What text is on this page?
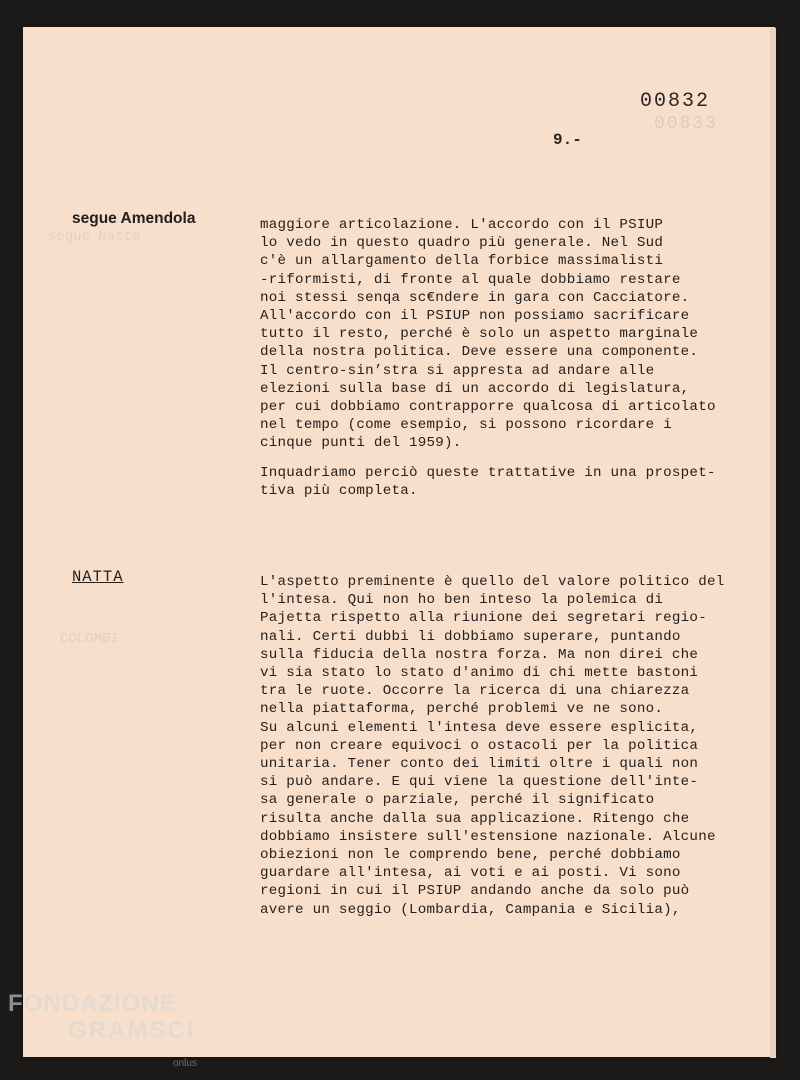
00833
segue Natta
COLOMBI
00832
9.-
segue Amendola	maggiore articolazione. L'accordo con il PSIUP
lo vedo in questo quadro più generale. Nel Sud
c'è un allargamento della forbice massimalisti
-riformisti, di fronte al quale dobbiamo restare
noi stessi senqa sc€ndere in gara con Cacciatore.
All'accordo con il PSIUP non possiamo sacrificare
tutto il resto, perché è solo un aspetto marginale
della nostra politica. Deve essere una componente.
Il centro-sin’stra si appresta ad andare alle
elezioni sulla base di un accordo di legislatura,
per cui dobbiamo contrapporre qualcosa di articolato
nel tempo (come esempio, si possono ricordare i
cinque punti del 1959).
Inquadriamo perciò queste trattative in una prospet-
tiva più completa.
NATTA	L'aspetto preminente è quello del valore politico del
l'intesa. Qui non ho ben inteso la polemica di
Pajetta rispetto alla riunione dei segretari regio-
nali. Certi dubbi li dobbiamo superare, puntando
sulla fiducia della nostra forza. Ma non direi che
vi sia stato lo stato d'animo di chi mette bastoni
tra le ruote. Occorre la ricerca di una chiarezza
nella piattaforma, perché problemi ve ne sono.
Su alcuni elementi l'intesa deve essere esplicita,
per non creare equivoci o ostacoli per la politica
unitaria. Tener conto dei limiti oltre i quali non
si può andare. E qui viene la questione dell'inte-
sa generale o parziale, perché il significato
risulta anche dalla sua applicazione. Ritengo che
dobbiamo insistere sull'estensione nazionale. Alcune
obiezioni non le comprendo bene, perché dobbiamo
guardare all'intesa, ai voti e ai posti. Vi sono
regioni in cui il PSIUP andando anche da solo può
avere un seggio (Lombardia, Campania e Sicilia),
FONDAZIONE
GRAMSCI
onlus
